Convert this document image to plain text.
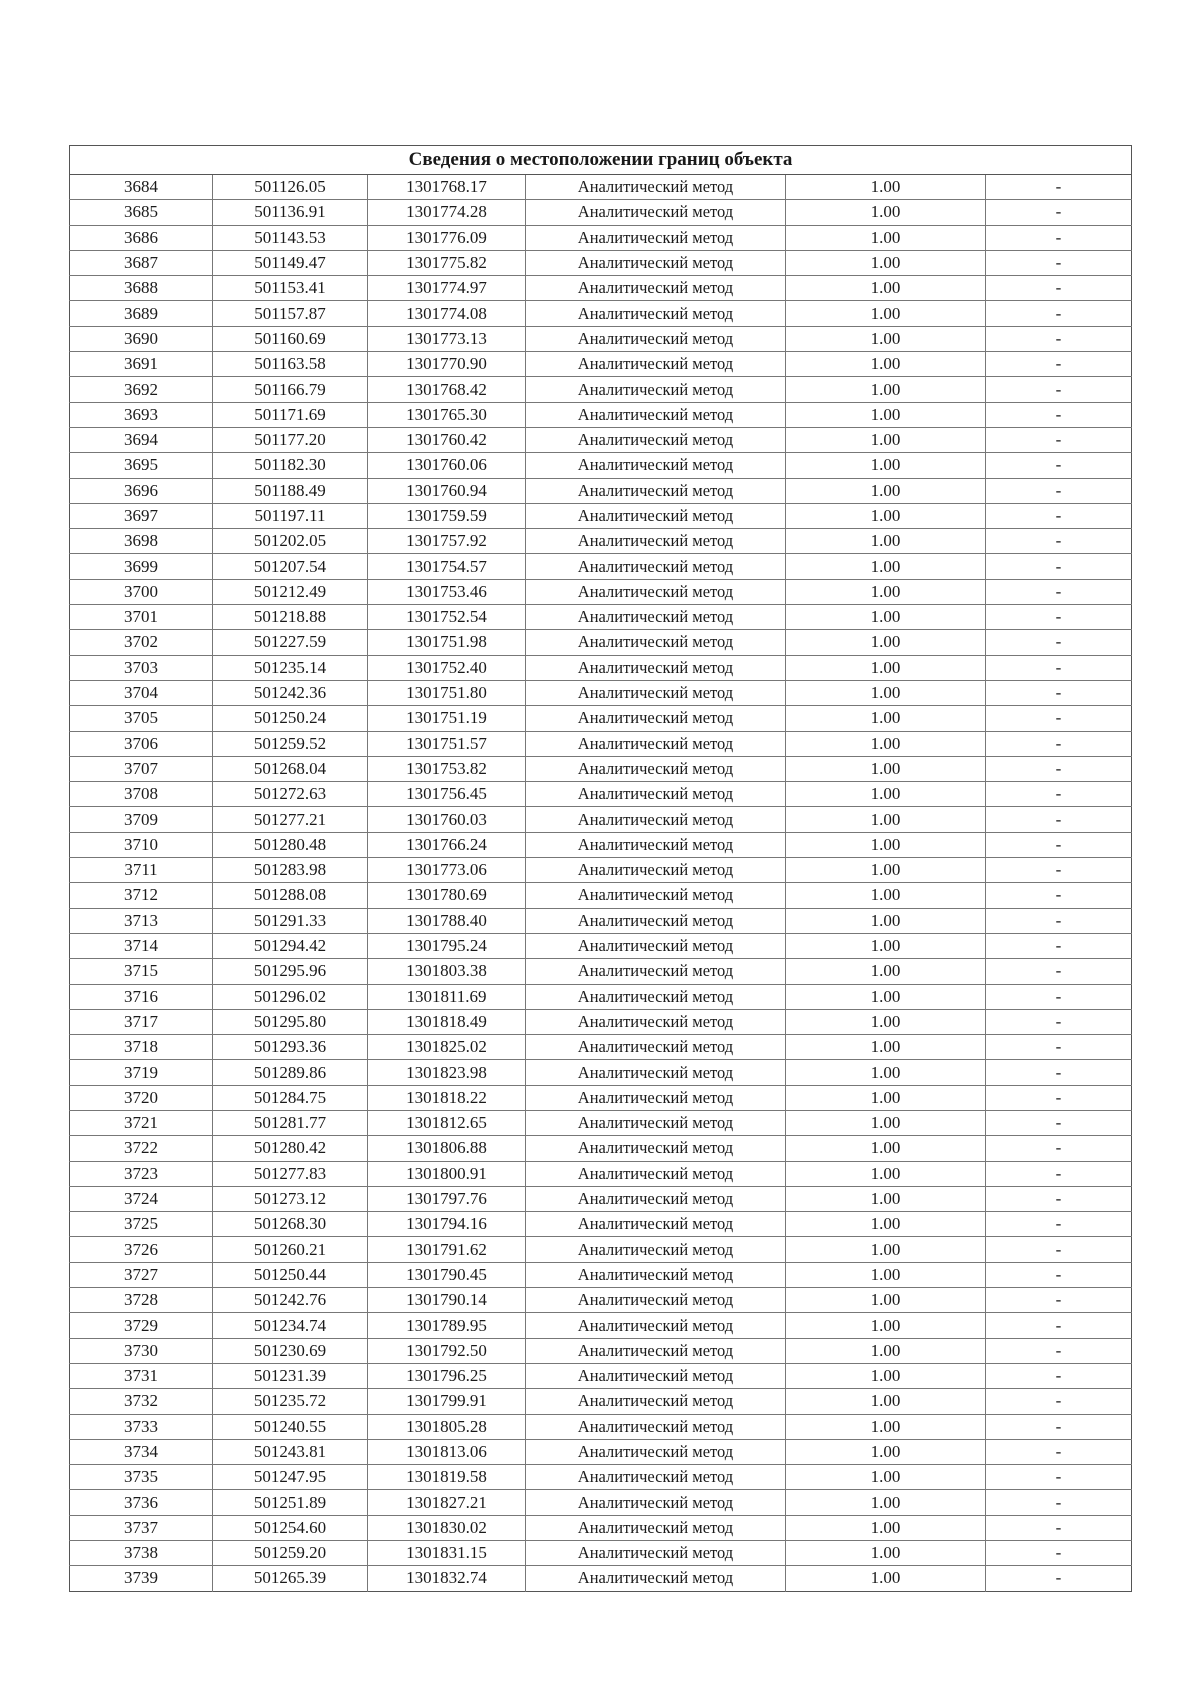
Сведения о местоположении границ объекта					
3684	501126.05	1301768.17	Аналитический метод	1.00	-
3685	501136.91	1301774.28	Аналитический метод	1.00	-
3686	501143.53	1301776.09	Аналитический метод	1.00	-
3687	501149.47	1301775.82	Аналитический метод	1.00	-
3688	501153.41	1301774.97	Аналитический метод	1.00	-
3689	501157.87	1301774.08	Аналитический метод	1.00	-
3690	501160.69	1301773.13	Аналитический метод	1.00	-
3691	501163.58	1301770.90	Аналитический метод	1.00	-
3692	501166.79	1301768.42	Аналитический метод	1.00	-
3693	501171.69	1301765.30	Аналитический метод	1.00	-
3694	501177.20	1301760.42	Аналитический метод	1.00	-
3695	501182.30	1301760.06	Аналитический метод	1.00	-
3696	501188.49	1301760.94	Аналитический метод	1.00	-
3697	501197.11	1301759.59	Аналитический метод	1.00	-
3698	501202.05	1301757.92	Аналитический метод	1.00	-
3699	501207.54	1301754.57	Аналитический метод	1.00	-
3700	501212.49	1301753.46	Аналитический метод	1.00	-
3701	501218.88	1301752.54	Аналитический метод	1.00	-
3702	501227.59	1301751.98	Аналитический метод	1.00	-
3703	501235.14	1301752.40	Аналитический метод	1.00	-
3704	501242.36	1301751.80	Аналитический метод	1.00	-
3705	501250.24	1301751.19	Аналитический метод	1.00	-
3706	501259.52	1301751.57	Аналитический метод	1.00	-
3707	501268.04	1301753.82	Аналитический метод	1.00	-
3708	501272.63	1301756.45	Аналитический метод	1.00	-
3709	501277.21	1301760.03	Аналитический метод	1.00	-
3710	501280.48	1301766.24	Аналитический метод	1.00	-
3711	501283.98	1301773.06	Аналитический метод	1.00	-
3712	501288.08	1301780.69	Аналитический метод	1.00	-
3713	501291.33	1301788.40	Аналитический метод	1.00	-
3714	501294.42	1301795.24	Аналитический метод	1.00	-
3715	501295.96	1301803.38	Аналитический метод	1.00	-
3716	501296.02	1301811.69	Аналитический метод	1.00	-
3717	501295.80	1301818.49	Аналитический метод	1.00	-
3718	501293.36	1301825.02	Аналитический метод	1.00	-
3719	501289.86	1301823.98	Аналитический метод	1.00	-
3720	501284.75	1301818.22	Аналитический метод	1.00	-
3721	501281.77	1301812.65	Аналитический метод	1.00	-
3722	501280.42	1301806.88	Аналитический метод	1.00	-
3723	501277.83	1301800.91	Аналитический метод	1.00	-
3724	501273.12	1301797.76	Аналитический метод	1.00	-
3725	501268.30	1301794.16	Аналитический метод	1.00	-
3726	501260.21	1301791.62	Аналитический метод	1.00	-
3727	501250.44	1301790.45	Аналитический метод	1.00	-
3728	501242.76	1301790.14	Аналитический метод	1.00	-
3729	501234.74	1301789.95	Аналитический метод	1.00	-
3730	501230.69	1301792.50	Аналитический метод	1.00	-
3731	501231.39	1301796.25	Аналитический метод	1.00	-
3732	501235.72	1301799.91	Аналитический метод	1.00	-
3733	501240.55	1301805.28	Аналитический метод	1.00	-
3734	501243.81	1301813.06	Аналитический метод	1.00	-
3735	501247.95	1301819.58	Аналитический метод	1.00	-
3736	501251.89	1301827.21	Аналитический метод	1.00	-
3737	501254.60	1301830.02	Аналитический метод	1.00	-
3738	501259.20	1301831.15	Аналитический метод	1.00	-
3739	501265.39	1301832.74	Аналитический метод	1.00	-
